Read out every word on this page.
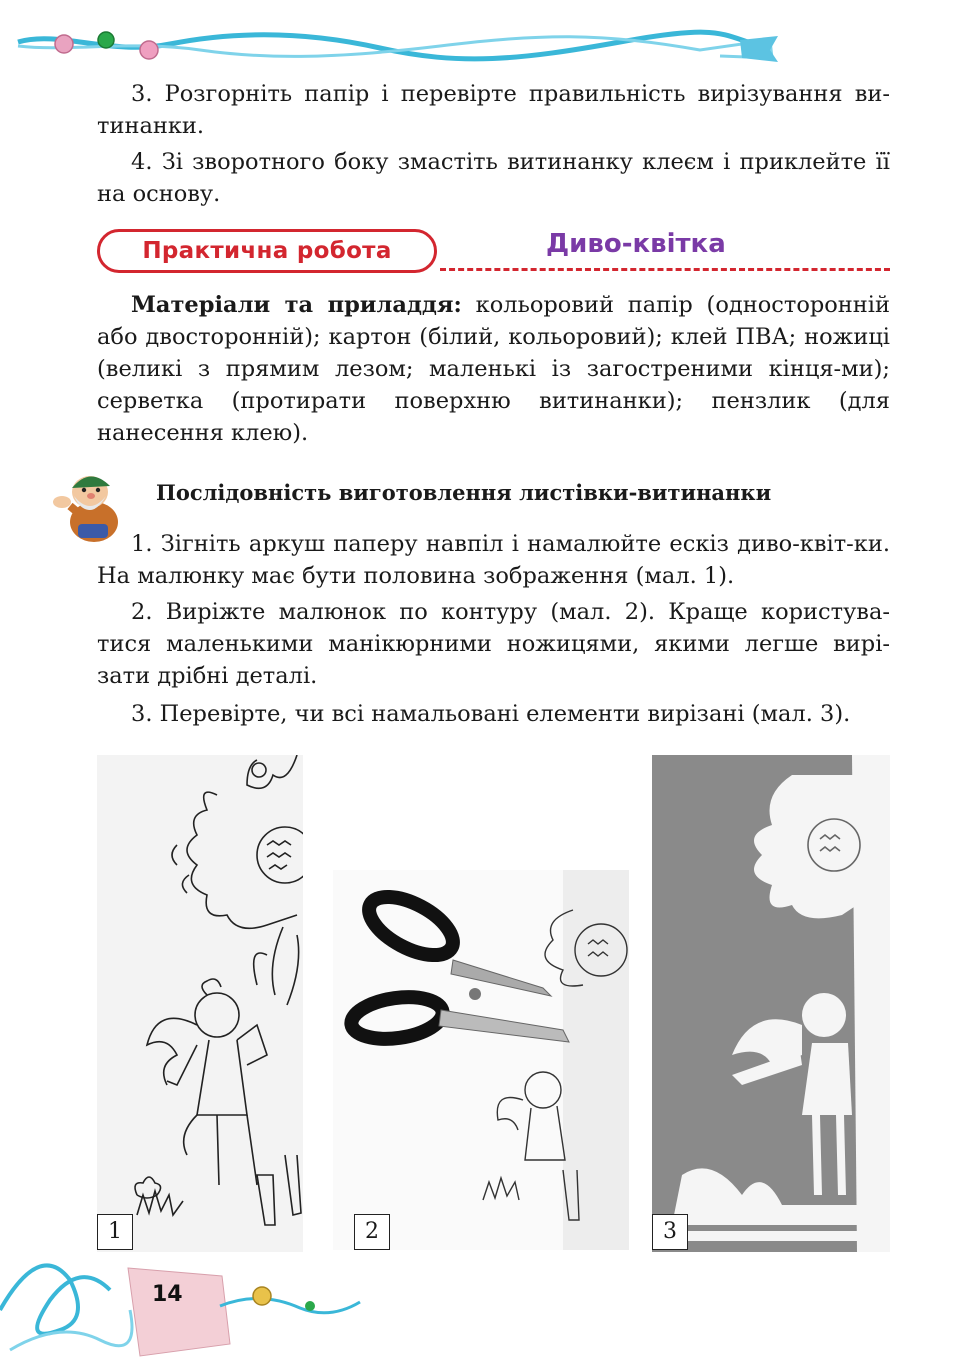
3. Розгорніть папір і перевірте правильність вирізування ви-тинанки.

4. Зі зворотного боку змастіть витинанку клеєм і приклейте її на основу.

Практична робота	Диво-квітка

Матеріали та приладдя: кольоровий папір (односторонній або двосторонній); картон (білий, кольоровий); клей ПВА; ножиці (великі з прямим лезом; маленькі із загостреними кінця-ми); серветка (протирати поверхню витинанки); пензлик (для нанесення клею).

Послідовність виготовлення листівки-витинанки

1. Зігніть аркуш паперу навпіл і намалюйте ескіз диво-квіт-ки. На малюнку має бути половина зображення (мал. 1).

2. Виріжте малюнок по контуру (мал. 2). Краще користува-тися маленькими манікюрними ножицями, якими легше вирі-зати дрібні деталі.

3. Перевірте, чи всі намальовані елементи вирізані (мал. 3).

1	2	3
14
